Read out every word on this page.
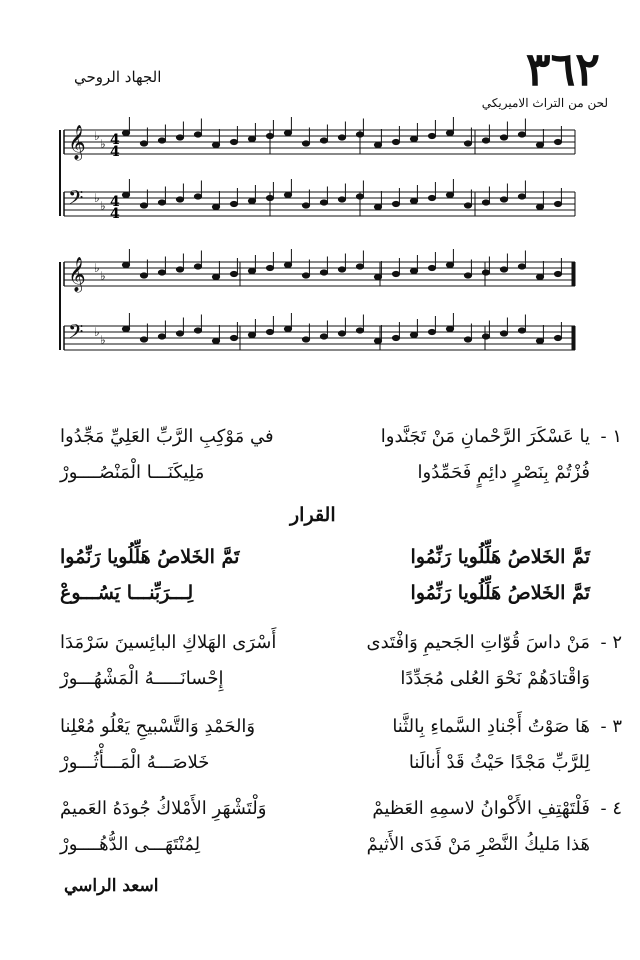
٣٦٢
الجهاد الروحي
لحن من التراث الاميريكي
𝄞
𝄢
♭
♭
♭
♭
𝄞
𝄢
♭
♭
♭
♭
4
4
4
4
١ -
يا عَسْكَرَ الرَّحْمانِ مَنْ تَجَنَّدوا
في مَوْكِبِ الرَّبِّ العَلِيِّ مَجِّدُوا
فُزْتُمْ بِنَصْرٍ دائِمٍ فَحَمِّدُوا
مَلِيكَنَـــا الْمَنْصُــــورْ
القرار
تَمَّ الخَلاصُ هَلِّلُويا رَنِّمُوا
تَمَّ الخَلاصُ هَلِّلُويا رَنِّمُوا
تَمَّ الخَلاصُ هَلِّلُويا رَنِّمُوا
لِـــرَبِّنـــا يَسُـــوعْ
٢ -
مَنْ داسَ قُوّاتِ الجَحيمِ وَافْتَدى
أَسْرَى الهَلاكِ البائِسينَ سَرْمَدَا
وَاقْتادَهُمْ نَحْوَ العُلى مُجَدِّدًا
إِحْسانَـــــهُ الْمَشْهُـــورْ
٣ -
هَا صَوْتُ أَجْنادِ السَّماءِ بِالثَّنا
وَالحَمْدِ وَالتَّسْبيحِ يَعْلُو مُعْلِنا
لِلرَّبِّ مَجْدًا حَيْثُ قَدْ أَنالَنا
خَلاصَـــهُ الْمَـــأْثُـــورْ
٤ -
فَلْتَهْتِفِ الأَكْوانُ لاسمِهِ العَظيمْ
وَلْتَشْهَرِ الأَمْلاكُ جُودَهُ العَميمْ
هَذا مَليكُ النَّصْرِ مَنْ فَدَى الأَثيمْ
لِمُنْتَهَـــى الدُّهُــــورْ
اسعد الراسي
